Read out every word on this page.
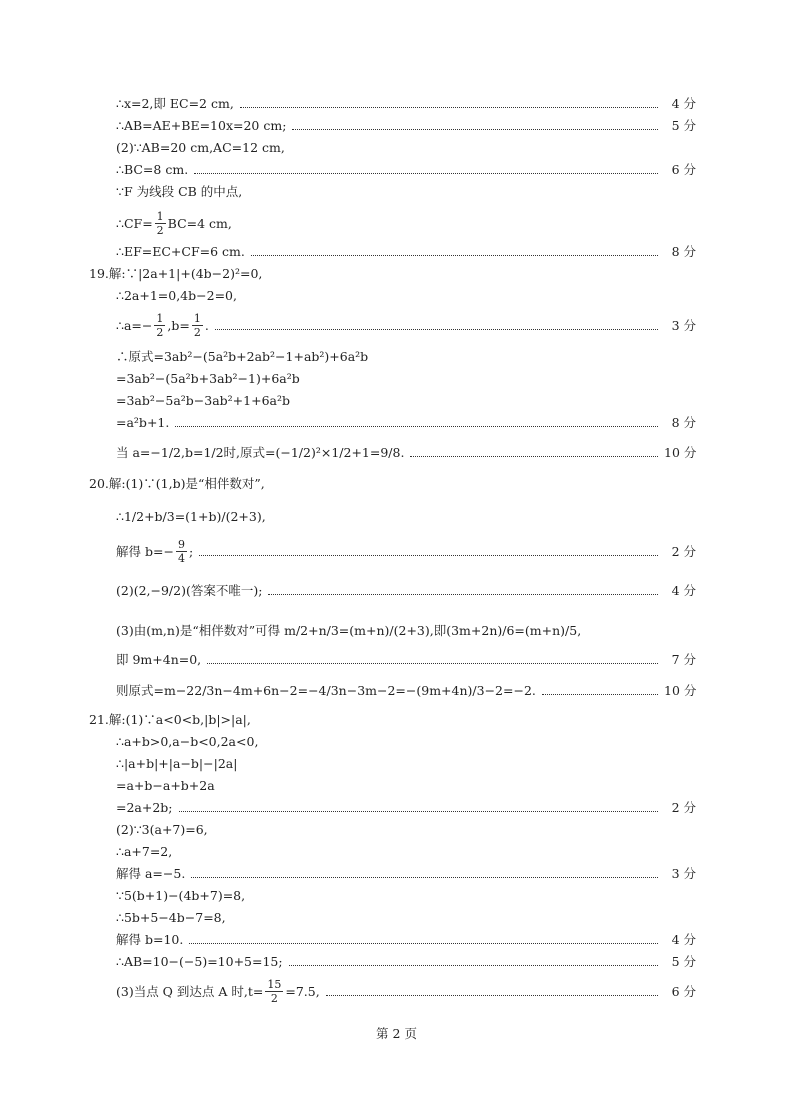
∴x=2,即 EC=2 cm,	4 分
∴AB=AE+BE=10x=20 cm;	5 分
(2)∵AB=20 cm,AC=12 cm,
∴BC=8 cm.	6 分
∵F 为线段 CB 的中点,
∴CF= $\frac{1}{2} BC=4$ cm,
∴EF=EC+CF=6 cm.	8 分
19.解:∵|2a+1|+(4b−2)²=0,
∴2a+1=0,4b−2=0,
∴a=− $\frac{1}{2} ,b= \frac{1}{2}$ .	3 分
∴原式=3ab²−(5a²b+2ab²−1+ab²)+6a²b
=3ab²−(5a²b+3ab²−1)+6a²b
=3ab²−5a²b−3ab²+1+6a²b
=a²b+1.	8 分
当 a=−1/2,b=1/2时,原式=(−1/2)²×1/2+1=9/8.	10 分
20.解:(1)∵(1,b)是“相伴数对”,
∴1/2+b/3=(1+b)/(2+3),
解得 $b=- \frac{9}{4}$ ;	2 分
(2)(2,−9/2)(答案不唯一);	4 分
(3)由(m,n)是“相伴数对”可得 m/2+n/3=(m+n)/(2+3),即(3m+2n)/6=(m+n)/5,
即 9m+4n=0,	7 分
则原式=m−22/3n−4m+6n−2=−4/3n−3m−2=−(9m+4n)/3−2=−2.	10 分
21.解:(1)∵a<0<b,|b|>|a|,
∴a+b>0,a−b<0,2a<0,
∴|a+b|+|a−b|−|2a|
=a+b−a+b+2a
=2a+2b;	2 分
(2)∵3(a+7)=6,
∴a+7=2,
解得 a=−5.	3 分
∵5(b+1)−(4b+7)=8,
∴5b+5−4b−7=8,
解得 b=10.	4 分
∴AB=10−(−5)=10+5=15;	5 分
(3)当点 Q 到达点 A 时$,t= \frac{15}{2} =7.5$,	6 分
第 2 页
